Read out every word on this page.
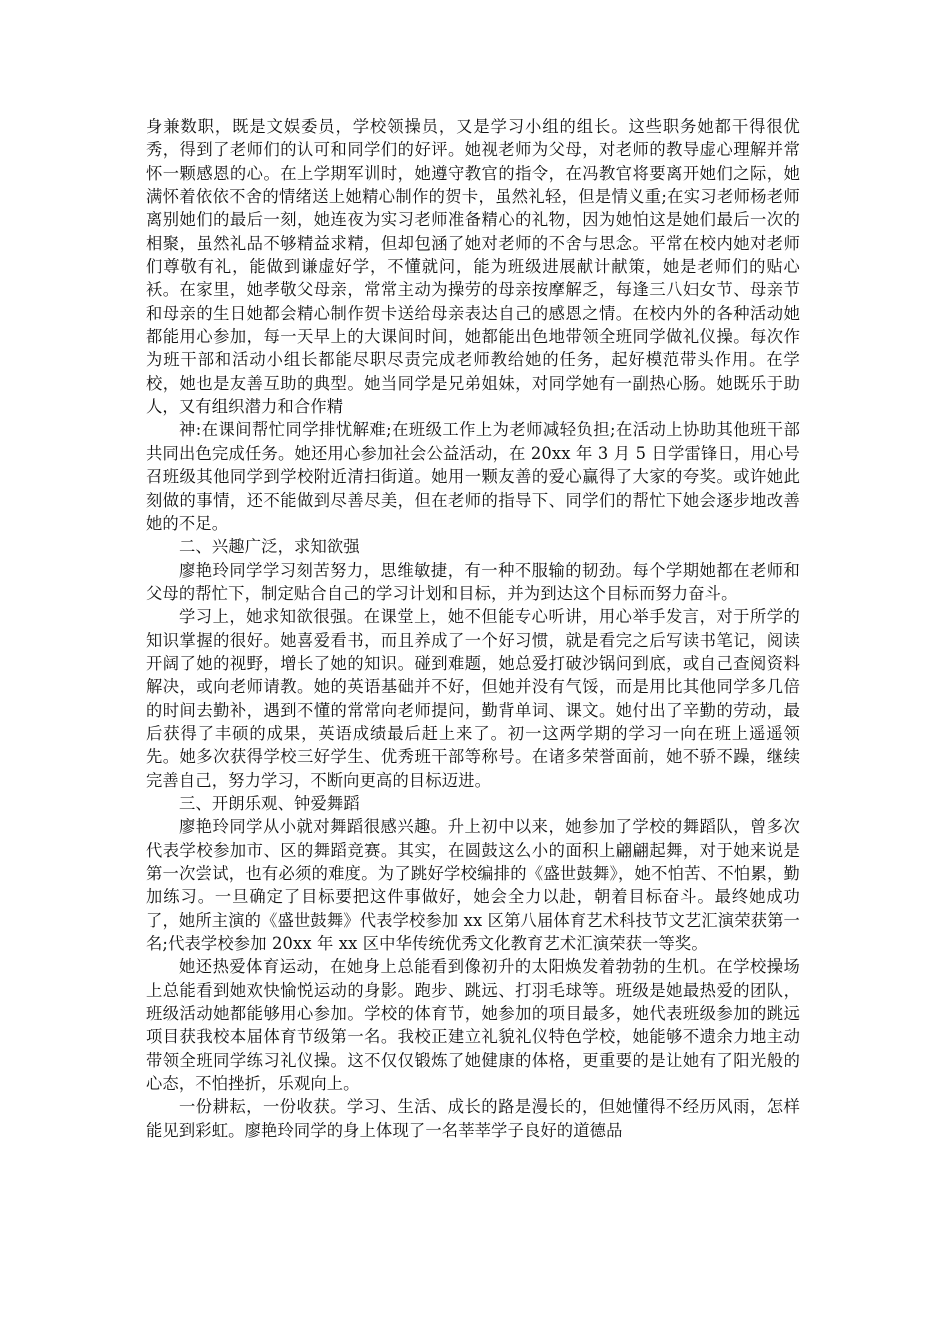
身兼数职，既是文娱委员，学校领操员，又是学习小组的组长。这些职务她都干得很优秀，得到了老师们的认可和同学们的好评。她视老师为父母，对老师的教导虚心理解并常怀一颗感恩的心。在上学期军训时，她遵守教官的指令，在冯教官将要离开她们之际，她满怀着依依不舍的情绪送上她精心制作的贺卡，虽然礼轻，但是情义重;在实习老师杨老师离别她们的最后一刻，她连夜为实习老师准备精心的礼物，因为她怕这是她们最后一次的相聚，虽然礼品不够精益求精，但却包涵了她对老师的不舍与思念。平常在校内她对老师们尊敬有礼，能做到谦虚好学，不懂就问，能为班级进展献计献策，她是老师们的贴心袄。在家里，她孝敬父母亲，常常主动为操劳的母亲按摩解乏，每逢三八妇女节、母亲节和母亲的生日她都会精心制作贺卡送给母亲表达自己的感恩之情。在校内外的各种活动她都能用心参加，每一天早上的大课间时间，她都能出色地带领全班同学做礼仪操。每次作为班干部和活动小组长都能尽职尽责完成老师教给她的任务，起好模范带头作用。在学校，她也是友善互助的典型。她当同学是兄弟姐妹，对同学她有一副热心肠。她既乐于助人，又有组织潜力和合作精

神:在课间帮忙同学排忧解难;在班级工作上为老师减轻负担;在活动上协助其他班干部共同出色完成任务。她还用心参加社会公益活动，在 20xx 年 3 月 5 日学雷锋日，用心号召班级其他同学到学校附近清扫街道。她用一颗友善的爱心赢得了大家的夸奖。或许她此刻做的事情，还不能做到尽善尽美，但在老师的指导下、同学们的帮忙下她会逐步地改善她的不足。

二、兴趣广泛，求知欲强

廖艳玲同学学习刻苦努力，思维敏捷，有一种不服输的韧劲。每个学期她都在老师和父母的帮忙下，制定贴合自己的学习计划和目标，并为到达这个目标而努力奋斗。

学习上，她求知欲很强。在课堂上，她不但能专心听讲，用心举手发言，对于所学的知识掌握的很好。她喜爱看书，而且养成了一个好习惯，就是看完之后写读书笔记，阅读开阔了她的视野，增长了她的知识。碰到难题，她总爱打破沙锅问到底，或自己查阅资料解决，或向老师请教。她的英语基础并不好，但她并没有气馁，而是用比其他同学多几倍的时间去勤补，遇到不懂的常常向老师提问，勤背单词、课文。她付出了辛勤的劳动，最后获得了丰硕的成果，英语成绩最后赶上来了。初一这两学期的学习一向在班上遥遥领先。她多次获得学校三好学生、优秀班干部等称号。在诸多荣誉面前，她不骄不躁，继续完善自己，努力学习，不断向更高的目标迈进。

三、开朗乐观、钟爱舞蹈

廖艳玲同学从小就对舞蹈很感兴趣。升上初中以来，她参加了学校的舞蹈队，曾多次代表学校参加市、区的舞蹈竞赛。其实，在圆鼓这么小的面积上翩翩起舞，对于她来说是第一次尝试，也有必须的难度。为了跳好学校编排的《盛世鼓舞》，她不怕苦、不怕累，勤加练习。一旦确定了目标要把这件事做好，她会全力以赴，朝着目标奋斗。最终她成功了，她所主演的《盛世鼓舞》代表学校参加 xx 区第八届体育艺术科技节文艺汇演荣获第一名;代表学校参加 20xx 年 xx 区中华传统优秀文化教育艺术汇演荣获一等奖。

她还热爱体育运动，在她身上总能看到像初升的太阳焕发着勃勃的生机。在学校操场上总能看到她欢快愉悦运动的身影。跑步、跳远、打羽毛球等。班级是她最热爱的团队，班级活动她都能够用心参加。学校的体育节，她参加的项目最多，她代表班级参加的跳远项目获我校本届体育节级第一名。我校正建立礼貌礼仪特色学校，她能够不遗余力地主动带领全班同学练习礼仪操。这不仅仅锻炼了她健康的体格，更重要的是让她有了阳光般的心态，不怕挫折，乐观向上。

一份耕耘，一份收获。学习、生活、成长的路是漫长的，但她懂得不经历风雨，怎样能见到彩虹。廖艳玲同学的身上体现了一名莘莘学子良好的道德品
